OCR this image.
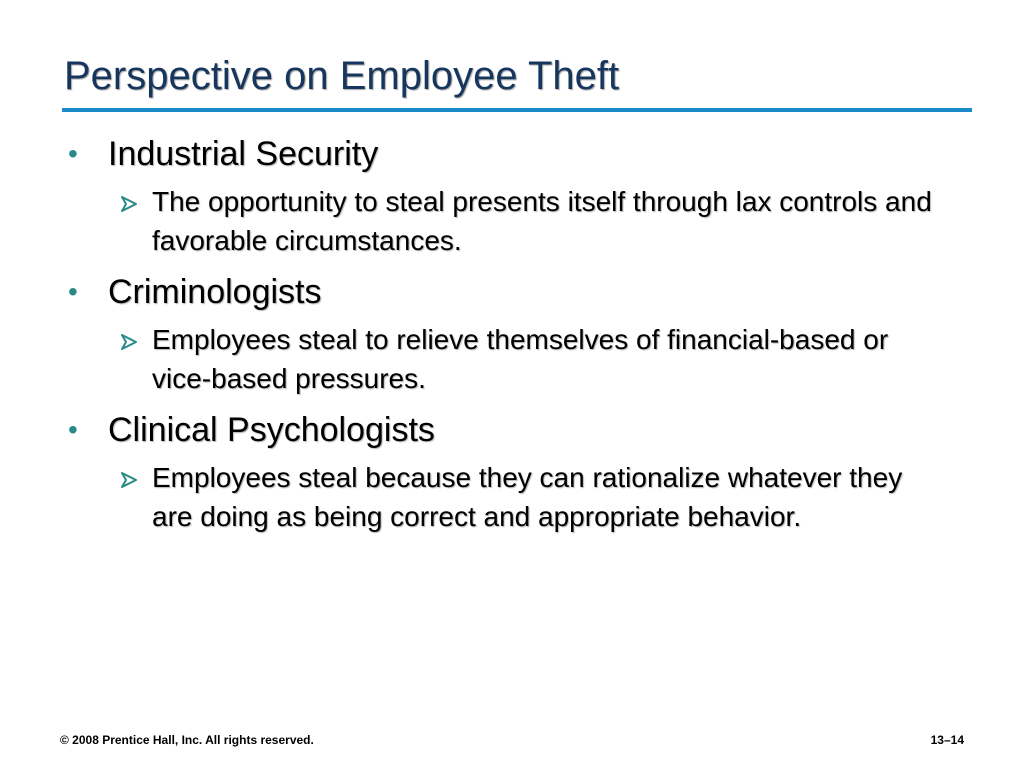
Perspective on Employee Theft
• Industrial Security
The opportunity to steal presents itself through lax controls and favorable circumstances.
• Criminologists
Employees steal to relieve themselves of financial-based or vice-based pressures.
• Clinical Psychologists
Employees steal because they can rationalize whatever they are doing as being correct and appropriate behavior.
© 2008 Prentice Hall, Inc. All rights reserved.	13–14
